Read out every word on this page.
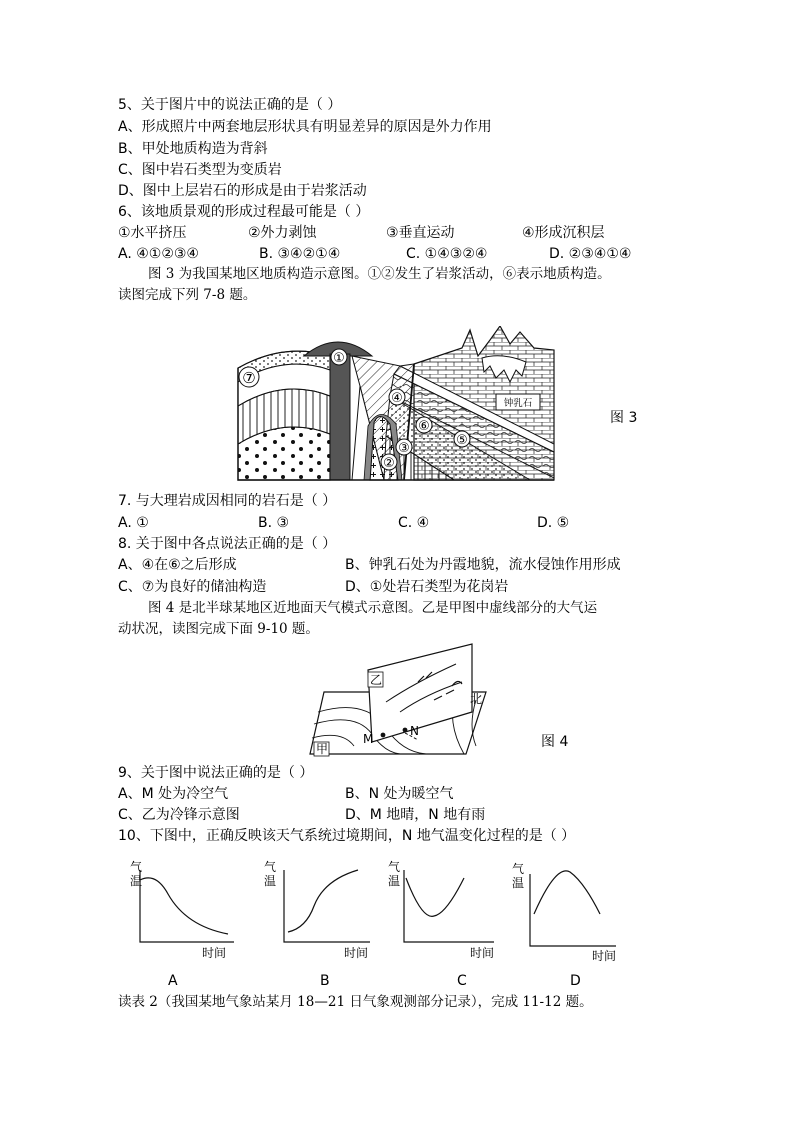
5、关于图片中的说法正确的是（ ）
A、形成照片中两套地层形状具有明显差异的原因是外力作用
B、甲处地质构造为背斜
C、图中岩石类型为变质岩
D、图中上层岩石的形成是由于岩浆活动
6、该地质景观的形成过程最可能是（ ）
①水平挤压	②外力剥蚀	③垂直运动	④形成沉积层
A. ④①②③④	B. ③④②①④	C. ①④③②④	D. ②③④①④
图 3 为我国某地区地质构造示意图。①②发生了岩浆活动，⑥表示地质构造。
读图完成下列 7-8 题。
钟乳石
①
②
③
④
⑤
⑥
⑦
图 3
7. 与大理岩成因相同的岩石是（ ）
A. ①	B. ③	C. ④	D. ⑤
8. 关于图中各点说法正确的是（ ）
A、④在⑥之后形成	B、钟乳石处为丹霞地貌，流水侵蚀作用形成
C、⑦为良好的储油构造	D、①处岩石类型为花岗岩
图 4 是北半球某地区近地面天气模式示意图。乙是甲图中虚线部分的大气运
动状况，读图完成下面 9-10 题。
乙
甲
北
M
N
图 4
9、关于图中说法正确的是（ ）
A、M 处为冷空气	B、N 处为暖空气
C、乙为冷锋示意图	D、M 地晴，N 地有雨
10、下图中，正确反映该天气系统过境期间，N 地气温变化过程的是（ ）
气
温
时间
气
温
时间
气
温
时间
气
温
时间
A	B	C	D
读表 2（我国某地气象站某月 18—21 日气象观测部分记录），完成 11-12 题。
